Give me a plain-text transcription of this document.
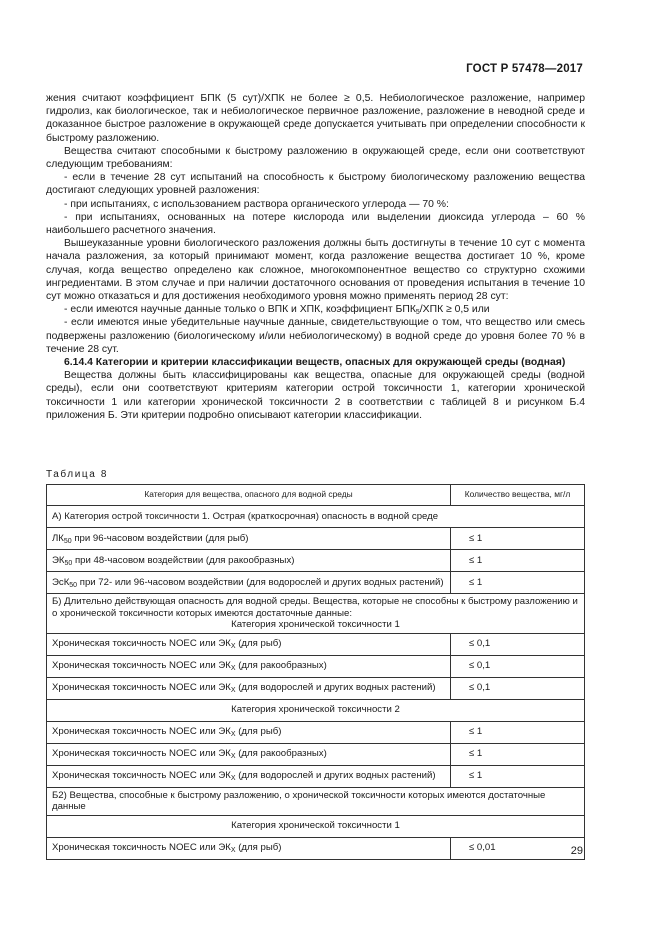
ГОСТ Р 57478—2017

жения считают коэффициент БПК (5 сут)/ХПК не более ≥ 0,5. Небиологическое разложение, например гидролиз, как биологическое, так и небиологическое первичное разложение, разложение в неводной среде и доказанное быстрое разложение в окружающей среде допускается учитывать при определении способности к быстрому разложению.

Вещества считают способными к быстрому разложению в окружающей среде, если они соответствуют следующим требованиям:

- если в течение 28 сут испытаний на способность к быстрому биологическому разложению вещества достигают следующих уровней разложения:

- при испытаниях, с использованием раствора органического углерода — 70 %:

- при испытаниях, основанных на потере кислорода или выделении диоксида углерода – 60 % наибольшего расчетного значения.

Вышеуказанные уровни биологического разложения должны быть достигнуты в течение 10 сут с момента начала разложения, за который принимают момент, когда разложение вещества достигает 10 %, кроме случая, когда вещество определено как сложное, многокомпонентное вещество со структурно схожими ингредиентами. В этом случае и при наличии достаточного основания от проведения испытания в течение 10 сут можно отказаться и для достижения необходимого уровня можно применять период 28 сут:

- если имеются научные данные только о ВПК и ХПК, коэффициент $БПК_5$/ХПК ≥ 0,5 или

- если имеются иные убедительные научные данные, свидетельствующие о том, что вещество или смесь подвержены разложению (биологическому и/или небиологическому) в водной среде до уровня более 70 % в течение 28 сут.

6.14.4 Категории и критерии классификации веществ, опасных для окружающей среды (водная)

Вещества должны быть классифицированы как вещества, опасные для окружающей среды (водной среды), если они соответствуют критериям категории острой токсичности 1, категории хронической токсичности 1 или категории хронической токсичности 2 в соответствии с таблицей 8 и рисунком Б.4 приложения Б. Эти критерии подробно описывают категории классификации.

Таблица 8
Категория для вещества, опасного для водной среды	Количество вещества, мг/л
А) Категория острой токсичности 1. Острая (краткосрочная) опасность в водной среде	
$ЛК_{50}$ при 96-часовом воздействии (для рыб)	≤ 1
$ЭК_{50}$ при 48-часовом воздействии (для ракообразных)	≤ 1
ЭсК$_{50}$ при 72- или 96-часовом воздействии (для водорослей и других водных растений)	≤ 1

Б) Длительно действующая опасность для водной среды. Вещества, которые не способны к быстрому разложению и о хронической токсичности которых имеются достаточные данные:
Категория хронической токсичности 1	

Хроническая токсичность NOEC или $ЭК_X$ (для рыб)	≤ 0,1
Хроническая токсичность NOEC или $ЭК_X$ (для ракообразных)	≤ 0,1
Хроническая токсичность NOEC или $ЭК_X$ (для водорослей и других водных растений)	≤ 0,1
Категория хронической токсичности 2	
Хроническая токсичность NOEC или $ЭК_X$ (для рыб)	≤ 1
Хроническая токсичность NOEC или $ЭК_X$ (для ракообразных)	≤ 1
Хроническая токсичность NOEC или $ЭК_X$ (для водорослей и других водных растений)	≤ 1
Б2) Вещества, способные к быстрому разложению, о хронической токсичности которых имеются достаточные данные	
Категория хронической токсичности 1	
Хроническая токсичность NOEC или $ЭК_X$ (для рыб)	≤ 0,01	29
